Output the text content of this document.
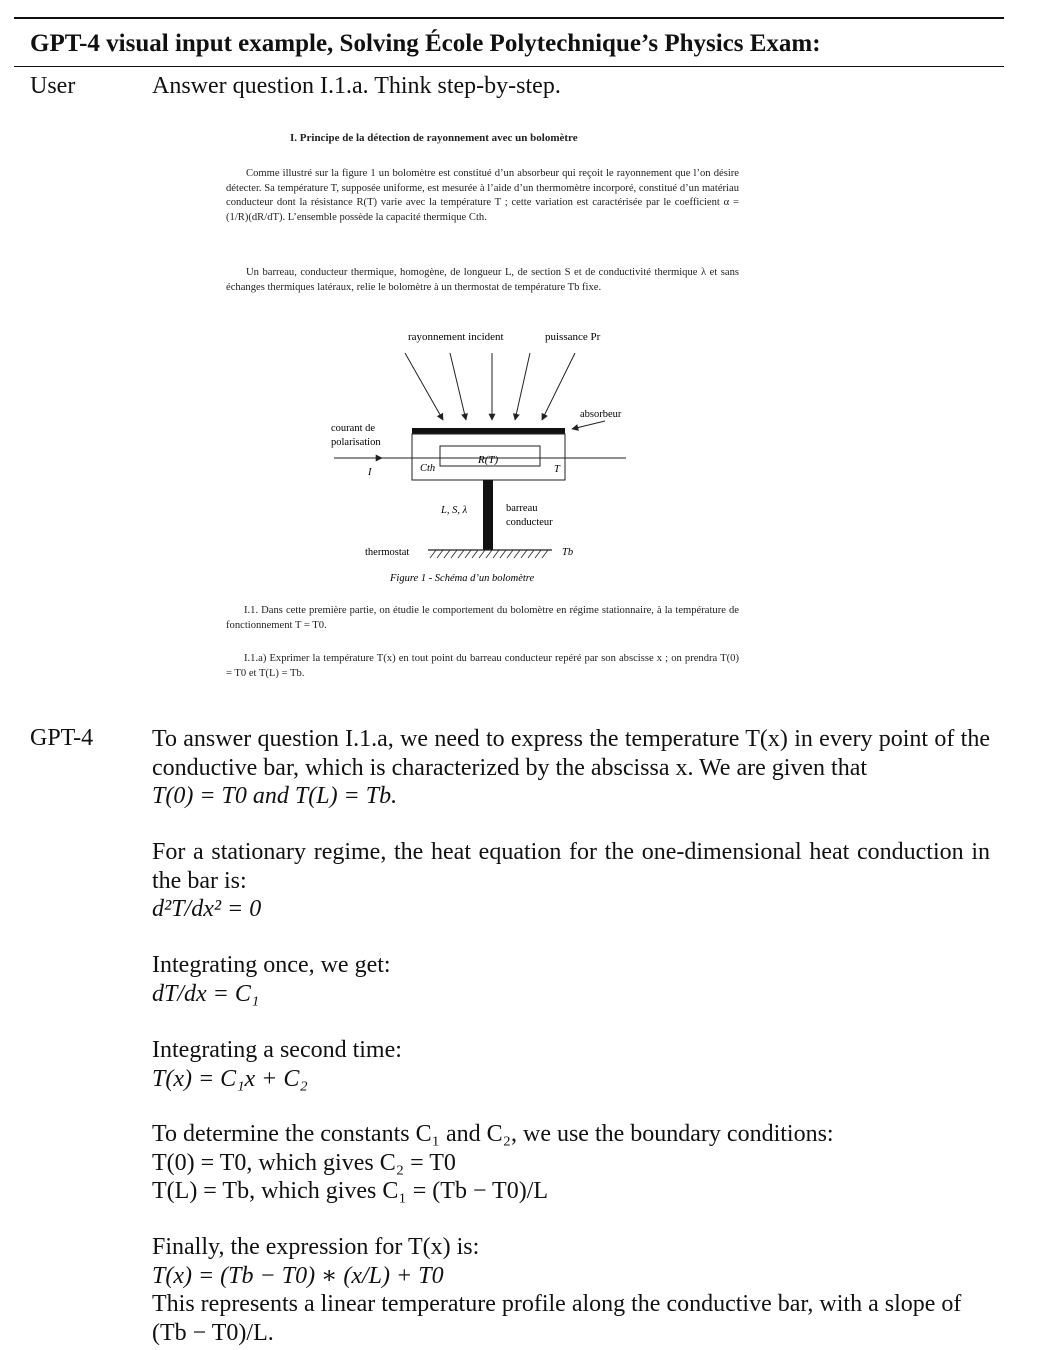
GPT-4 visual input example, Solving École Polytechnique’s Physics Exam:
User	Answer question I.1.a. Think step-by-step.
I. Principe de la détection de rayonnement avec un bolomètre
Comme illustré sur la figure 1 un bolomètre est constitué d’un absorbeur qui reçoit le rayonnement que l’on désire détecter. Sa température T, supposée uniforme, est mesurée à l’aide d’un thermomètre incorporé, constitué d’un matériau conducteur dont la résistance R(T) varie avec la température T ; cette variation est caractérisée par le coefficient α = (1/R)(dR/dT). L’ensemble possède la capacité thermique Cth.
Un barreau, conducteur thermique, homogène, de longueur L, de section S et de conductivité thermique λ et sans échanges thermiques latéraux, relie le bolomètre à un thermostat de température Tb fixe.
rayonnement incident	puissance Pr
absorbeur
courant de
polarisation
I	Cth
R(T)
T
L, S, λ	barreau
conducteur
thermostat	Tb
Figure 1 - Schéma d’un bolomètre
I.1. Dans cette première partie, on étudie le comportement du bolomètre en régime stationnaire, à la température de fonctionnement T = T0.
I.1.a) Exprimer la température T(x) en tout point du barreau conducteur repéré par son abscisse x ; on prendra T(0) = T0 et T(L) = Tb.
GPT-4 To answer question I.1.a, we need to express the temperature T(x) in every point of the conductive bar, which is characterized by the abscissa x. We are given that
T(0) = T0 and T(L) = Tb.
For a stationary regime, the heat equation for the one-dimensional heat conduction in the bar is:
d²T/dx² = 0
Integrating once, we get:
dT/dx = C₁
Integrating a second time:
T(x) = C₁x + C₂
To determine the constants C₁ and C₂, we use the boundary conditions:
T(0) = T0, which gives C₂ = T0
T(L) = Tb, which gives C₁ = (Tb − T0)/L
Finally, the expression for T(x) is:
T(x) = (Tb − T0) ∗ (x/L) + T0
This represents a linear temperature profile along the conductive bar, with a slope of (Tb − T0)/L.
